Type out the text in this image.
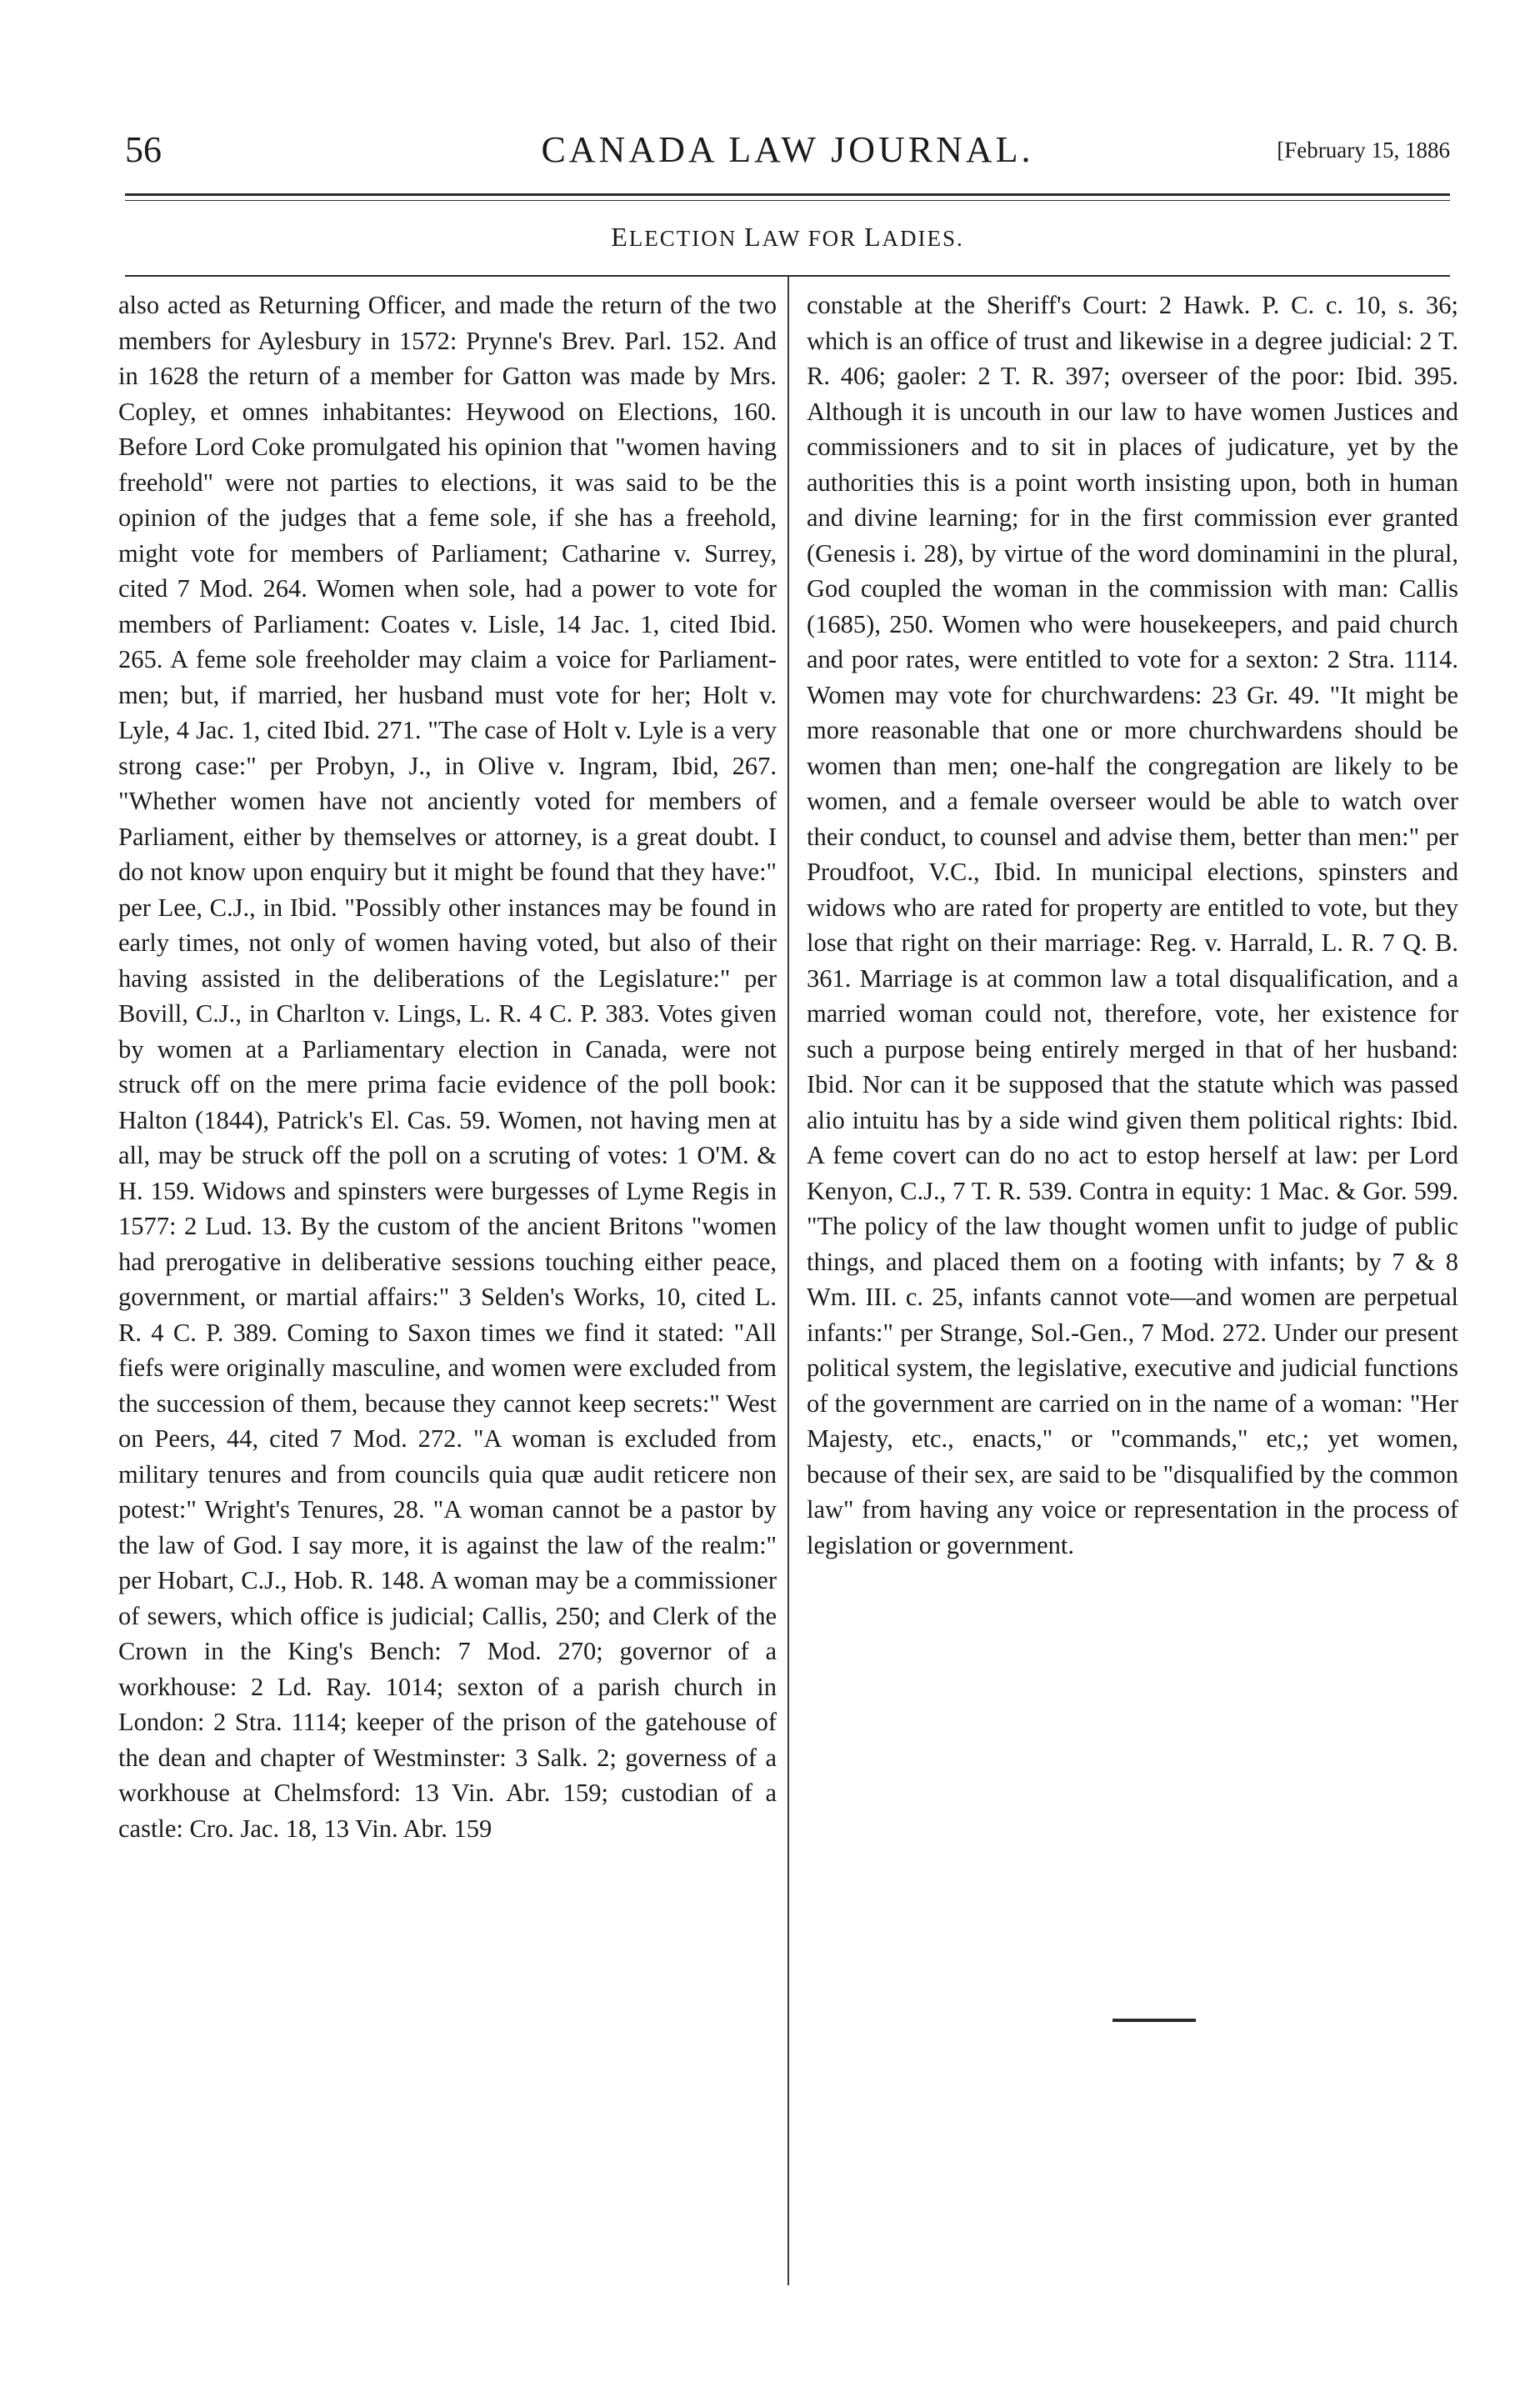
56	CANADA LAW JOURNAL.	[February 15, 1886
ELECTION LAW FOR LADIES.

also acted as Returning Officer, and made the return of the two members for Aylesbury in 1572: Prynne's Brev. Parl. 152. And in 1628 the return of a member for Gatton was made by Mrs. Copley, et omnes inhabitantes: Heywood on Elections, 160. Before Lord Coke promulgated his opinion that "women having freehold" were not parties to elections, it was said to be the opinion of the judges that a feme sole, if she has a freehold, might vote for members of Parliament; Catharine v. Surrey, cited 7 Mod. 264. Women when sole, had a power to vote for members of Parliament: Coates v. Lisle, 14 Jac. 1, cited Ibid. 265. A feme sole freeholder may claim a voice for Parliament-men; but, if married, her husband must vote for her; Holt v. Lyle, 4 Jac. 1, cited Ibid. 271. "The case of Holt v. Lyle is a very strong case:" per Probyn, J., in Olive v. Ingram, Ibid, 267. "Whether women have not anciently voted for members of Parliament, either by themselves or attorney, is a great doubt. I do not know upon enquiry but it might be found that they have:" per Lee, C.J., in Ibid. "Possibly other instances may be found in early times, not only of women having voted, but also of their having assisted in the deliberations of the Legislature:" per Bovill, C.J., in Charlton v. Lings, L. R. 4 C. P. 383. Votes given by women at a Parliamentary election in Canada, were not struck off on the mere prima facie evidence of the poll book: Halton (1844), Patrick's El. Cas. 59. Women, not having men at all, may be struck off the poll on a scruting of votes: 1 O'M. & H. 159. Widows and spinsters were burgesses of Lyme Regis in 1577: 2 Lud. 13. By the custom of the ancient Britons "women had prerogative in deliberative sessions touching either peace, government, or martial affairs:" 3 Selden's Works, 10, cited L. R. 4 C. P. 389. Coming to Saxon times we find it stated: "All fiefs were originally masculine, and women were excluded from the succession of them, because they cannot keep secrets:" West on Peers, 44, cited 7 Mod. 272. "A woman is excluded from military tenures and from councils quia quæ audit reticere non potest:" Wright's Tenures, 28. "A woman cannot be a pastor by the law of God. I say more, it is against the law of the realm:" per Hobart, C.J., Hob. R. 148. A woman may be a commissioner of sewers, which office is judicial; Callis, 250; and Clerk of the Crown in the King's Bench: 7 Mod. 270; governor of a workhouse: 2 Ld. Ray. 1014; sexton of a parish church in London: 2 Stra. 1114; keeper of the prison of the gatehouse of the dean and chapter of Westminster: 3 Salk. 2; governess of a workhouse at Chelmsford: 13 Vin. Abr. 159; custodian of a castle: Cro. Jac. 18, 13 Vin. Abr. 159

constable at the Sheriff's Court: 2 Hawk. P. C. c. 10, s. 36; which is an office of trust and likewise in a degree judicial: 2 T. R. 406; gaoler: 2 T. R. 397; overseer of the poor: Ibid. 395. Although it is uncouth in our law to have women Justices and commissioners and to sit in places of judicature, yet by the authorities this is a point worth insisting upon, both in human and divine learning; for in the first commission ever granted (Genesis i. 28), by virtue of the word dominamini in the plural, God coupled the woman in the commission with man: Callis (1685), 250. Women who were housekeepers, and paid church and poor rates, were entitled to vote for a sexton: 2 Stra. 1114. Women may vote for churchwardens: 23 Gr. 49. "It might be more reasonable that one or more churchwardens should be women than men; one-half the congregation are likely to be women, and a female overseer would be able to watch over their conduct, to counsel and advise them, better than men:" per Proudfoot, V.C., Ibid. In municipal elections, spinsters and widows who are rated for property are entitled to vote, but they lose that right on their marriage: Reg. v. Harrald, L. R. 7 Q. B. 361. Marriage is at common law a total disqualification, and a married woman could not, therefore, vote, her existence for such a purpose being entirely merged in that of her husband: Ibid. Nor can it be supposed that the statute which was passed alio intuitu has by a side wind given them political rights: Ibid. A feme covert can do no act to estop herself at law: per Lord Kenyon, C.J., 7 T. R. 539. Contra in equity: 1 Mac. & Gor. 599. "The policy of the law thought women unfit to judge of public things, and placed them on a footing with infants; by 7 & 8 Wm. III. c. 25, infants cannot vote—and women are perpetual infants:" per Strange, Sol.-Gen., 7 Mod. 272. Under our present political system, the legislative, executive and judicial functions of the government are carried on in the name of a woman: "Her Majesty, etc., enacts," or "commands," etc,; yet women, because of their sex, are said to be "disqualified by the common law" from having any voice or representation in the process of legislation or government.
